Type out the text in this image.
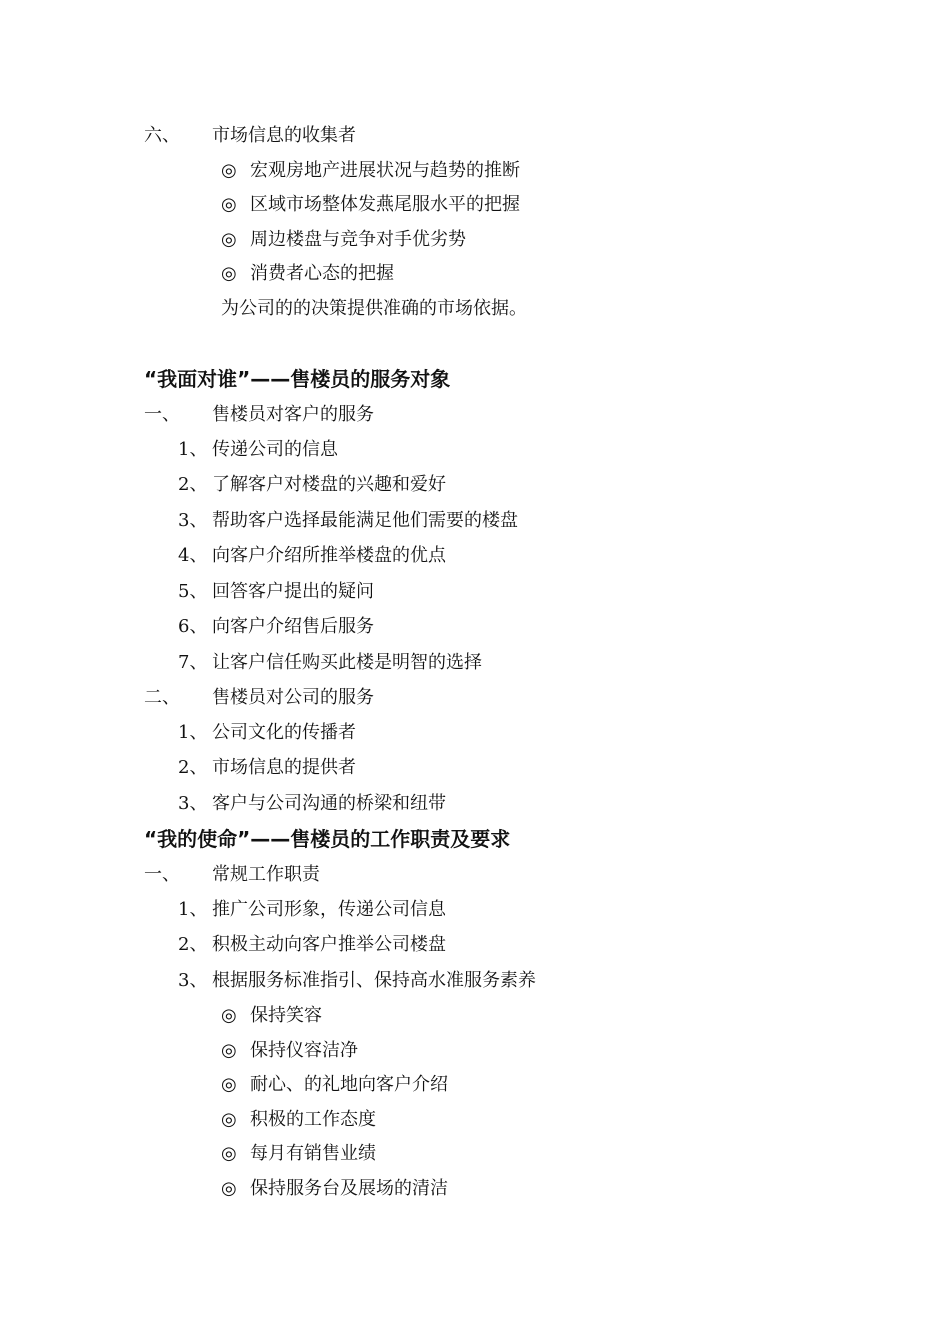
六、 市场信息的收集者
◎ 宏观房地产进展状况与趋势的推断
◎ 区域市场整体发燕尾服水平的把握
◎ 周边楼盘与竞争对手优劣势
◎ 消费者心态的把握
为公司的的决策提供准确的市场依据。
“我面对谁”——售楼员的服务对象
一、 售楼员对客户的服务
1、 传递公司的信息
2、 了解客户对楼盘的兴趣和爱好
3、 帮助客户选择最能满足他们需要的楼盘
4、 向客户介绍所推举楼盘的优点
5、 回答客户提出的疑问
6、 向客户介绍售后服务
7、 让客户信任购买此楼是明智的选择
二、 售楼员对公司的服务
1、 公司文化的传播者
2、 市场信息的提供者
3、 客户与公司沟通的桥梁和纽带
“我的使命”——售楼员的工作职责及要求
一、 常规工作职责
1、 推广公司形象，传递公司信息
2、 积极主动向客户推举公司楼盘
3、 根据服务标准指引、保持高水准服务素养
◎ 保持笑容
◎ 保持仪容洁净
◎ 耐心、的礼地向客户介绍
◎ 积极的工作态度
◎ 每月有销售业绩
◎ 保持服务台及展场的清洁
